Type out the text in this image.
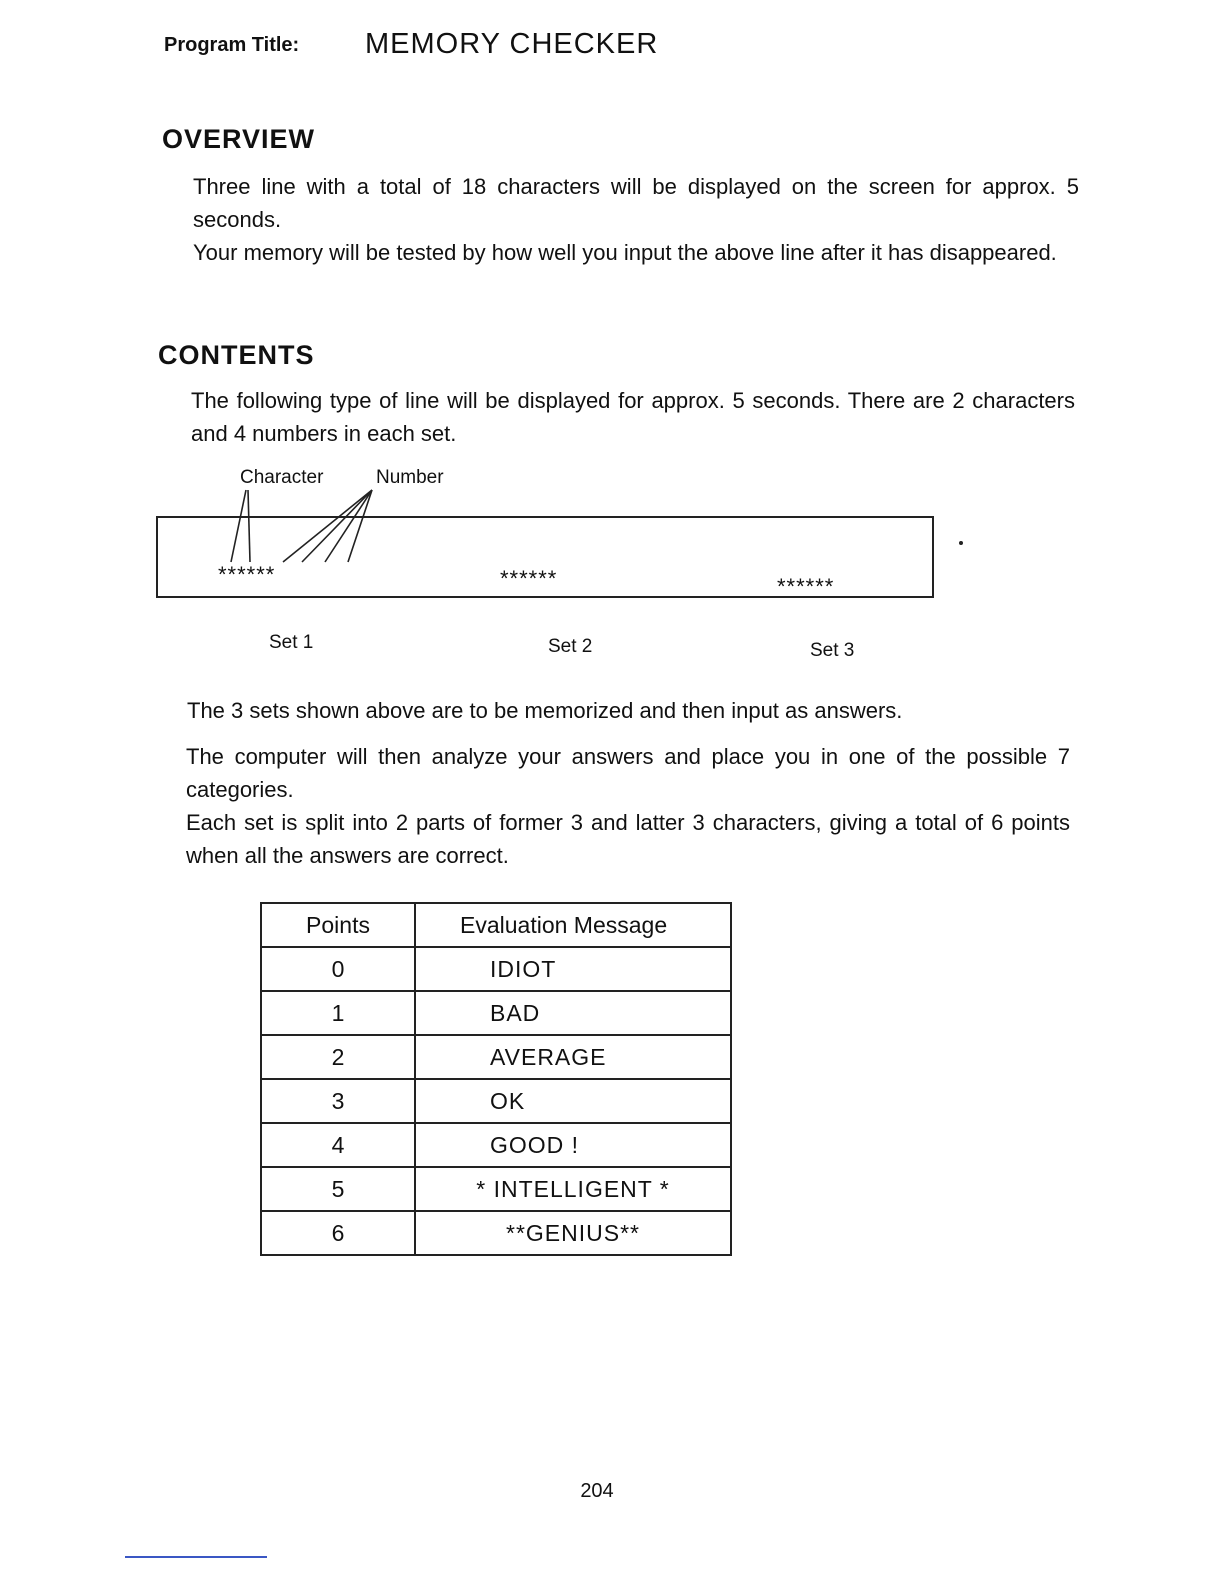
Program Title: MEMORY CHECKER
OVERVIEW
Three line with a total of 18 characters will be displayed on the screen for approx. 5 seconds.
Your memory will be tested by how well you input the above line after it has disappeared.
CONTENTS
The following type of line will be displayed for approx. 5 seconds. There are 2 characters and 4 numbers in each set.
Character	Number
******	******	******
Set 1	Set 2	Set 3
The 3 sets shown above are to be memorized and then input as answers.
The computer will then analyze your answers and place you in one of the possible 7 categories.
Each set is split into 2 parts of former 3 and latter 3 characters, giving a total of 6 points when all the answers are correct.
Points	Evaluation Message
0	IDIOT
1	BAD
2	AVERAGE
3	OK
4	GOOD !
5	* INTELLIGENT *
6	**GENIUS**
204
